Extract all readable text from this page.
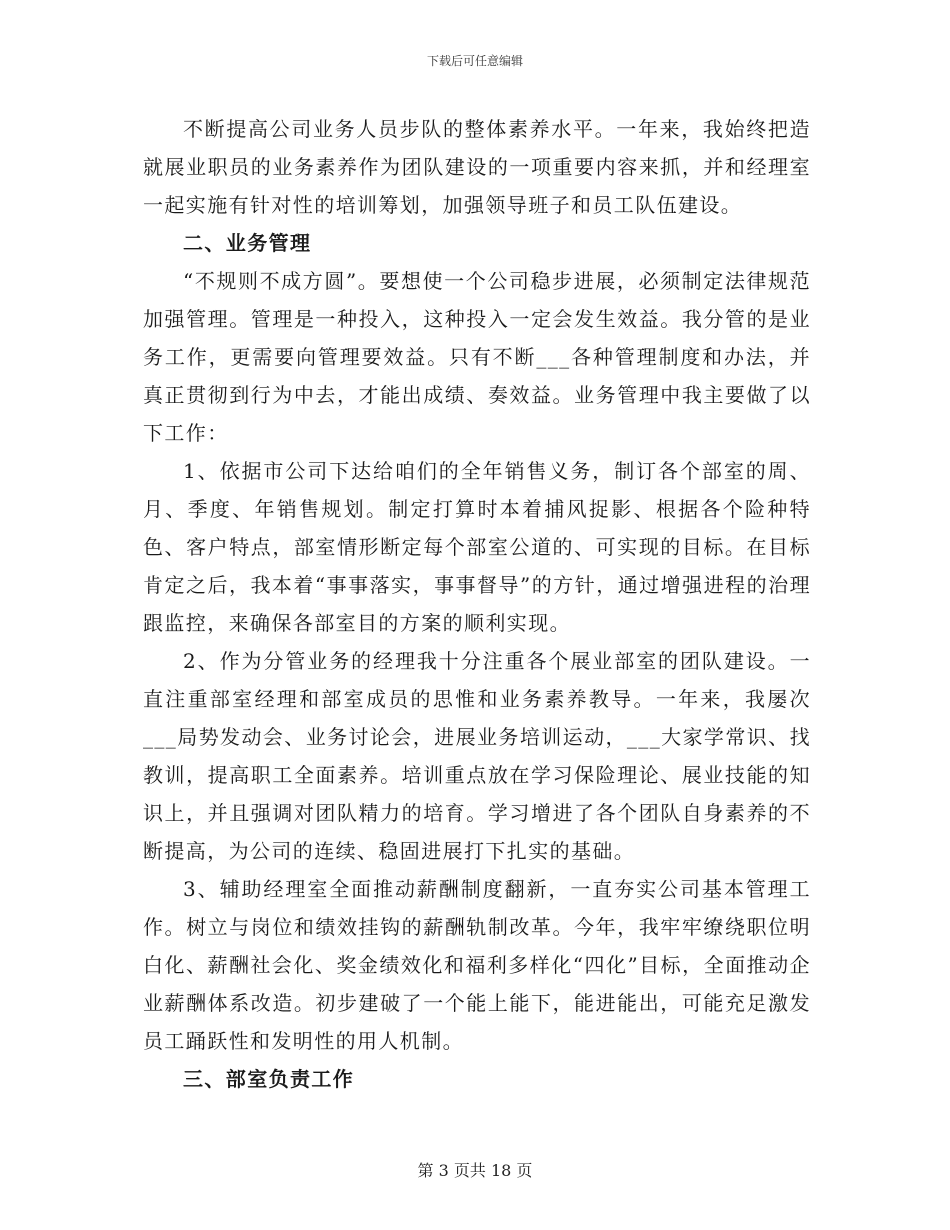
下载后可任意编辑

不断提高公司业务人员步队的整体素养水平。一年来，我始终把造就展业职员的业务素养作为团队建设的一项重要内容来抓，并和经理室一起实施有针对性的培训筹划，加强领导班子和员工队伍建设。

二、业务管理

“不规则不成方圆”。要想使一个公司稳步进展，必须制定法律规范加强管理。管理是一种投入，这种投入一定会发生效益。我分管的是业务工作，更需要向管理要效益。只有不断___各种管理制度和办法，并真正贯彻到行为中去，才能出成绩、奏效益。业务管理中我主要做了以下工作：

1、依据市公司下达给咱们的全年销售义务，制订各个部室的周、月、季度、年销售规划。制定打算时本着捕风捉影、根据各个险种特色、客户特点，部室情形断定每个部室公道的、可实现的目标。在目标肯定之后，我本着“事事落实，事事督导”的方针，通过增强进程的治理跟监控，来确保各部室目的方案的顺利实现。

2、作为分管业务的经理我十分注重各个展业部室的团队建设。一直注重部室经理和部室成员的思惟和业务素养教导。一年来，我屡次___局势发动会、业务讨论会，进展业务培训运动，___大家学常识、找教训，提高职工全面素养。培训重点放在学习保险理论、展业技能的知识上，并且强调对团队精力的培育。学习增进了各个团队自身素养的不断提高，为公司的连续、稳固进展打下扎实的基础。

3、辅助经理室全面推动薪酬制度翻新，一直夯实公司基本管理工作。树立与岗位和绩效挂钩的薪酬轨制改革。今年，我牢牢缭绕职位明白化、薪酬社会化、奖金绩效化和福利多样化“四化”目标，全面推动企业薪酬体系改造。初步建破了一个能上能下，能进能出，可能充足激发员工踊跃性和发明性的用人机制。

三、部室负责工作

第 3 页共 18 页
